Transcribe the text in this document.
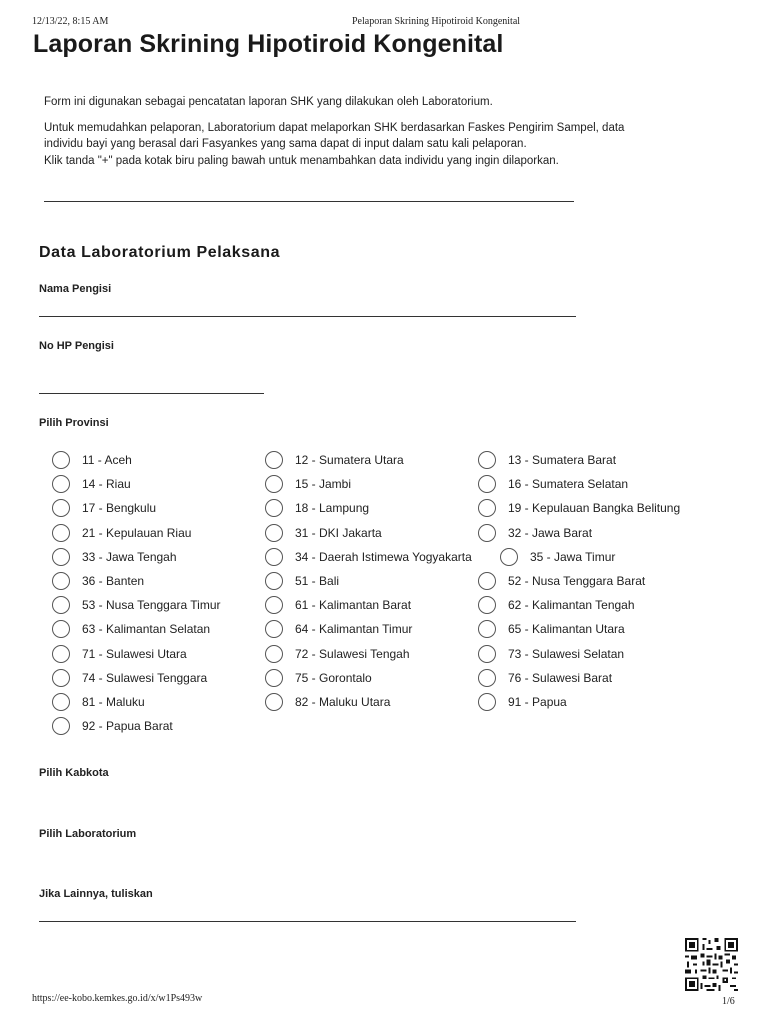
12/13/22, 8:15 AM	Pelaporan Skrining Hipotiroid Kongenital
Laporan Skrining Hipotiroid Kongenital

Form ini digunakan sebagai pencatatan laporan SHK yang dilakukan oleh Laboratorium.

Untuk memudahkan pelaporan, Laboratorium dapat melaporkan SHK berdasarkan Faskes Pengirim Sampel, data individu bayi yang berasal dari Fasyankes yang sama dapat di input dalam satu kali pelaporan.
Klik tanda "+" pada kotak biru paling bawah untuk menambahkan data individu yang ingin dilaporkan.

Data Laboratorium Pelaksana
Nama Pengisi
No HP Pengisi
Pilih Provinsi
11 - Aceh	12 - Sumatera Utara	13 - Sumatera Barat
14 - Riau	15 - Jambi	16 - Sumatera Selatan
17 - Bengkulu	18 - Lampung	19 - Kepulauan Bangka Belitung
21 - Kepulauan Riau	31 - DKI Jakarta	32 - Jawa Barat
33 - Jawa Tengah	34 - Daerah Istimewa Yogyakarta	35 - Jawa Timur
36 - Banten	51 - Bali	52 - Nusa Tenggara Barat
53 - Nusa Tenggara Timur	61 - Kalimantan Barat	62 - Kalimantan Tengah
63 - Kalimantan Selatan	64 - Kalimantan Timur	65 - Kalimantan Utara
71 - Sulawesi Utara	72 - Sulawesi Tengah	73 - Sulawesi Selatan
74 - Sulawesi Tenggara	75 - Gorontalo	76 - Sulawesi Barat
81 - Maluku	82 - Maluku Utara	91 - Papua
92 - Papua Barat
Pilih Kabkota
Pilih Laboratorium
Jika Lainnya, tuliskan
https://ee-kobo.kemkes.go.id/x/w1Ps493w	1/6
